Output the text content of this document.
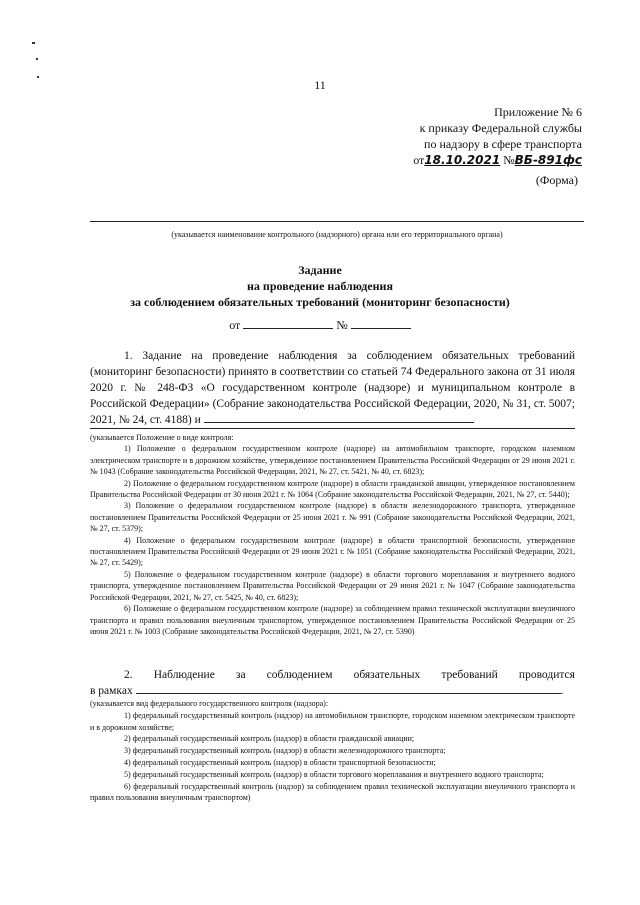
11
Приложение № 6
к приказу Федеральной службы
по надзору в сфере транспорта
от18.10.2021 №ВБ-891фс
(Форма)
(указывается наименование контрольного (надзорного) органа или его территориального органа)
Задание
на проведение наблюдения
за соблюдением обязательных требований (мониторинг безопасности)
от	№
1. Задание на проведение наблюдения за соблюдением обязательных требований (мониторинг безопасности) принято в соответствии со статьей 74 Федерального закона от 31 июля 2020 г. № 248-ФЗ «О государственном контроле (надзоре) и муниципальном контроле в Российской Федерации» (Собрание законодательства Российской Федерации, 2020, № 31, ст. 5007; 2021, № 24, ст. 4188) и

(указывается Положение о виде контроля:

1) Положение о федеральном государственном контроле (надзоре) на автомобильном транспорте, городском наземном электрическом транспорте и в дорожном хозяйстве, утвержденное постановлением Правительства Российской Федерации от 29 июня 2021 г. № 1043 (Собрание законодательства Российской Федерации, 2021, № 27, ст. 5421, № 40, ст. 6823);

2) Положение о федеральном государственном контроле (надзоре) в области гражданской авиации, утвержденное постановлением Правительства Российской Федерации от 30 июня 2021 г. № 1064 (Собрание законодательства Российской Федерации, 2021, № 27, ст. 5440);

3) Положение о федеральном государственном контроле (надзоре) в области железнодорожного транспорта, утвержденное постановлением Правительства Российской Федерации от 25 июня 2021 г. № 991 (Собрание законодательства Российской Федерации, 2021, № 27, ст. 5379);

4) Положение о федеральном государственном контроле (надзоре) в области транспортной безопасности, утвержденное постановлением Правительства Российской Федерации от 29 июня 2021 г. № 1051 (Собрание законодательства Российской Федерации, 2021, № 27, ст. 5429);

5) Положение о федеральном государственном контроле (надзоре) в области торгового мореплавания и внутреннего водного транспорта, утвержденное постановлением Правительства Российской Федерации от 29 июня 2021 г. № 1047 (Собрание законодательства Российской Федерации, 2021, № 27, ст. 5425, № 40, ст. 6823);

6) Положение о федеральном государственном контроле (надзоре) за соблюдением правил технической эксплуатации внеуличного транспорта и правил пользования внеуличным транспортом, утвержденное постановлением Правительства Российской Федерации от 25 июня 2021 г. № 1003 (Собрание законодательства Российской Федерации, 2021, № 27, ст. 5390)

2. Наблюдение за соблюдением обязательных требований проводится
в рамках	.

(указывается вид федерального государственного контроля (надзора):

1) федеральный государственный контроль (надзор) на автомобильном транспорте, городском наземном электрическом транспорте и в дорожном хозяйстве;

2) федеральный государственный контроль (надзор) в области гражданской авиации;

3) федеральный государственный контроль (надзор) в области железнодорожного транспорта;

4) федеральный государственный контроль (надзор) в области транспортной безопасности;

5) федеральный государственный контроль (надзор) в области торгового мореплавания и внутреннего водного транспорта;

6) федеральный государственный контроль (надзор) за соблюдением правил технической эксплуатации внеуличного транспорта и правил пользования внеуличным транспортом)
